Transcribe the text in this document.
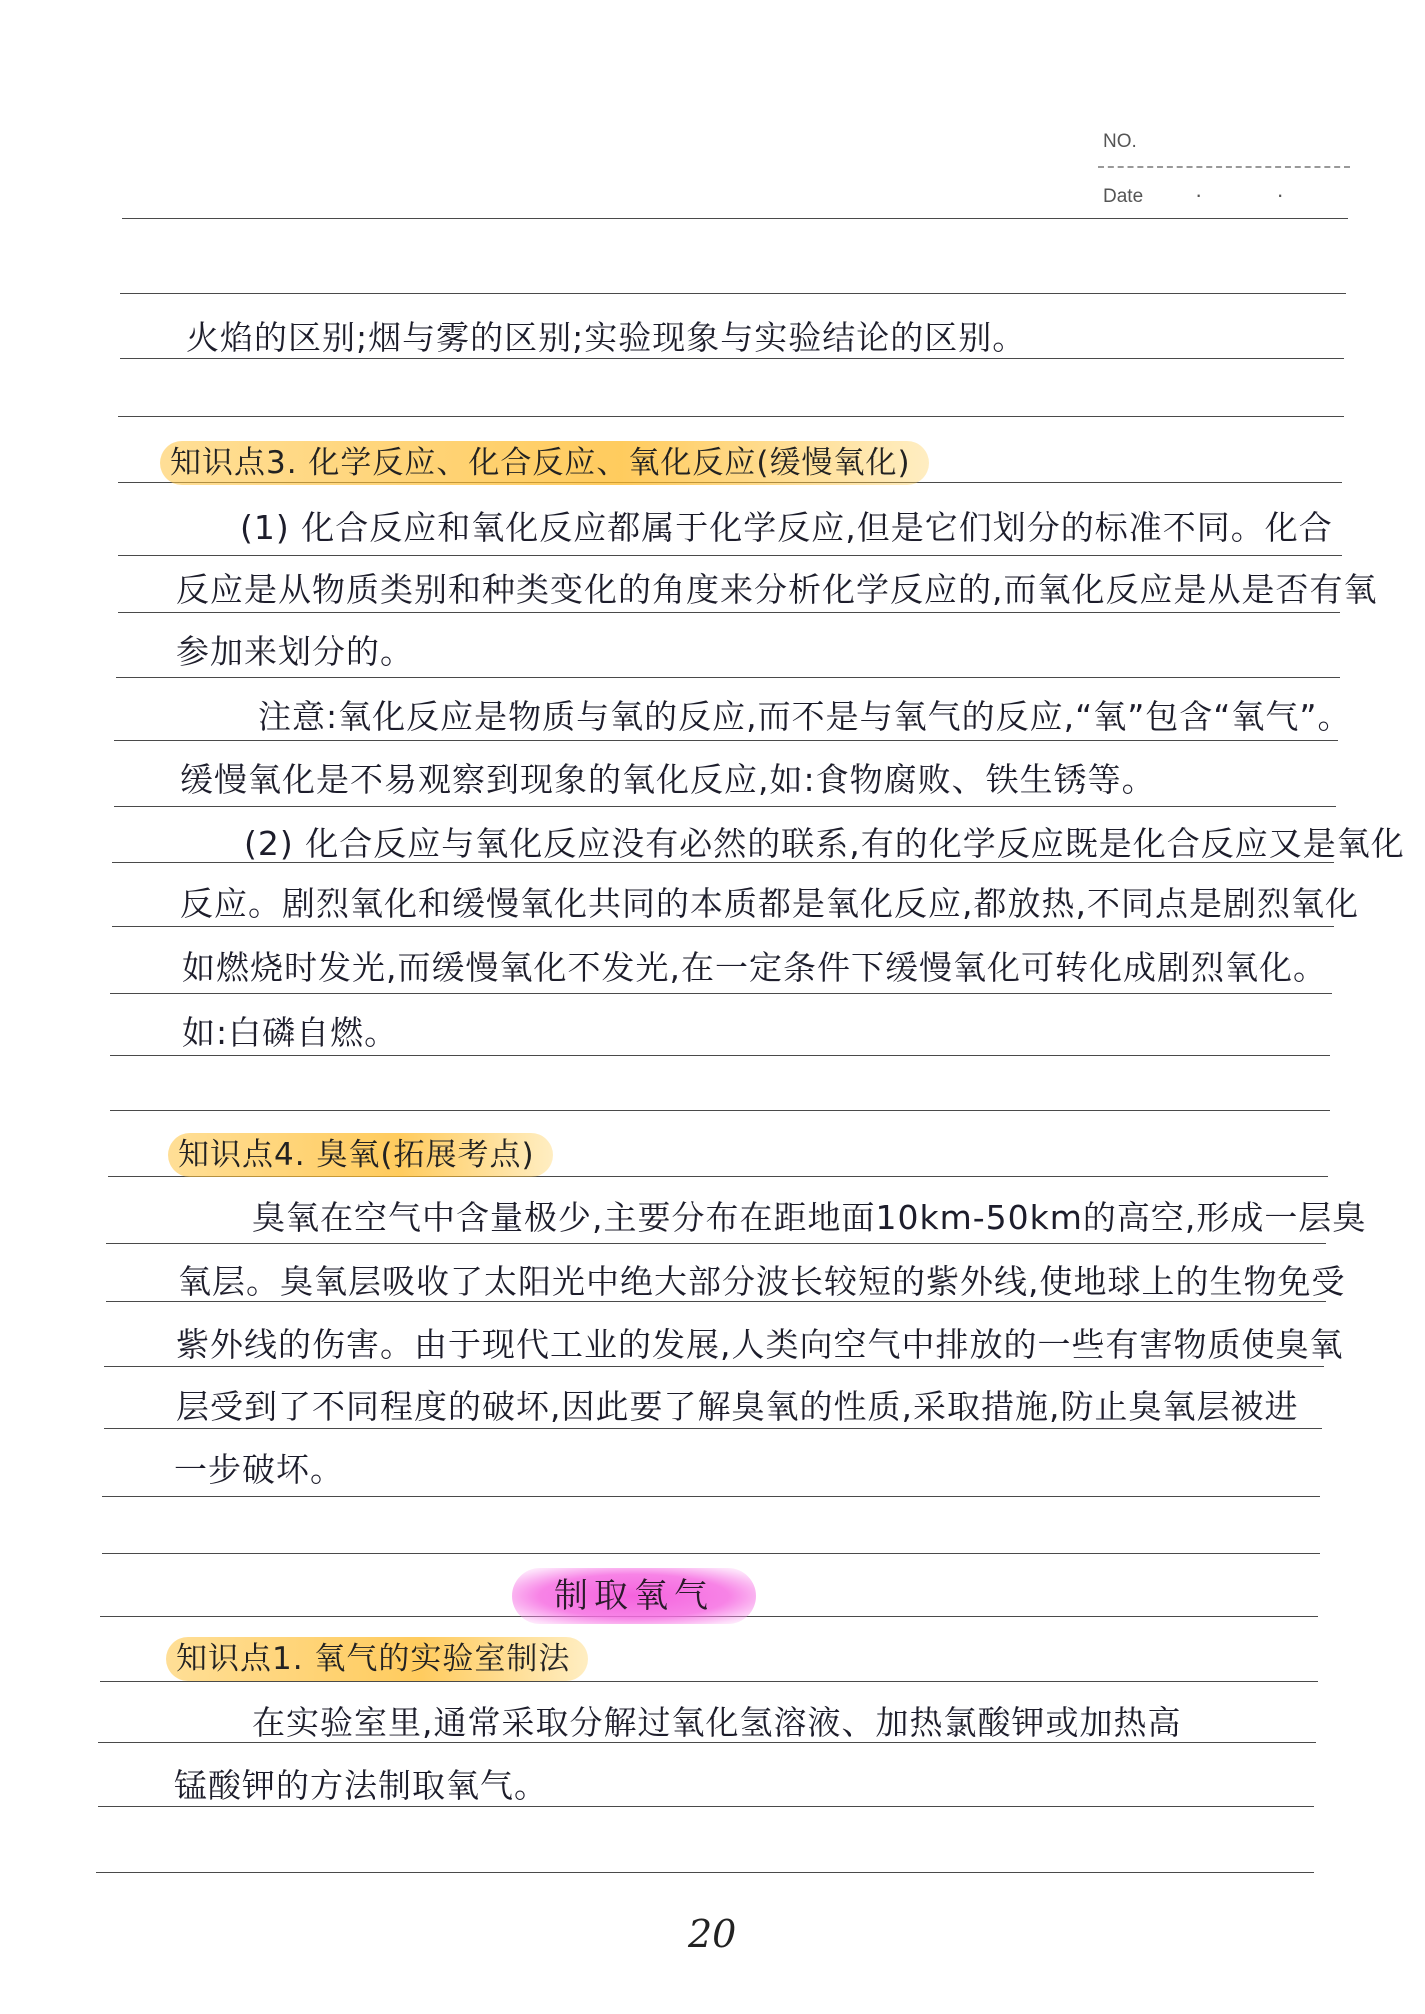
NO.
Date · ·
火焰的区别;烟与雾的区别;实验现象与实验结论的区别。
知识点3. 化学反应、化合反应、氧化反应(缓慢氧化)
(1) 化合反应和氧化反应都属于化学反应,但是它们划分的标准不同。化合
反应是从物质类别和种类变化的角度来分析化学反应的,而氧化反应是从是否有氧
参加来划分的。
注意:氧化反应是物质与氧的反应,而不是与氧气的反应,“氧”包含“氧气”。
缓慢氧化是不易观察到现象的氧化反应,如:食物腐败、铁生锈等。
(2) 化合反应与氧化反应没有必然的联系,有的化学反应既是化合反应又是氧化
反应。剧烈氧化和缓慢氧化共同的本质都是氧化反应,都放热,不同点是剧烈氧化
如燃烧时发光,而缓慢氧化不发光,在一定条件下缓慢氧化可转化成剧烈氧化。
如:白磷自燃。
知识点4. 臭氧(拓展考点)
臭氧在空气中含量极少,主要分布在距地面10km-50km的高空,形成一层臭
氧层。臭氧层吸收了太阳光中绝大部分波长较短的紫外线,使地球上的生物免受
紫外线的伤害。由于现代工业的发展,人类向空气中排放的一些有害物质使臭氧
层受到了不同程度的破坏,因此要了解臭氧的性质,采取措施,防止臭氧层被进
一步破坏。
制取氧气
知识点1. 氧气的实验室制法
在实验室里,通常采取分解过氧化氢溶液、加热氯酸钾或加热高
锰酸钾的方法制取氧气。
20
